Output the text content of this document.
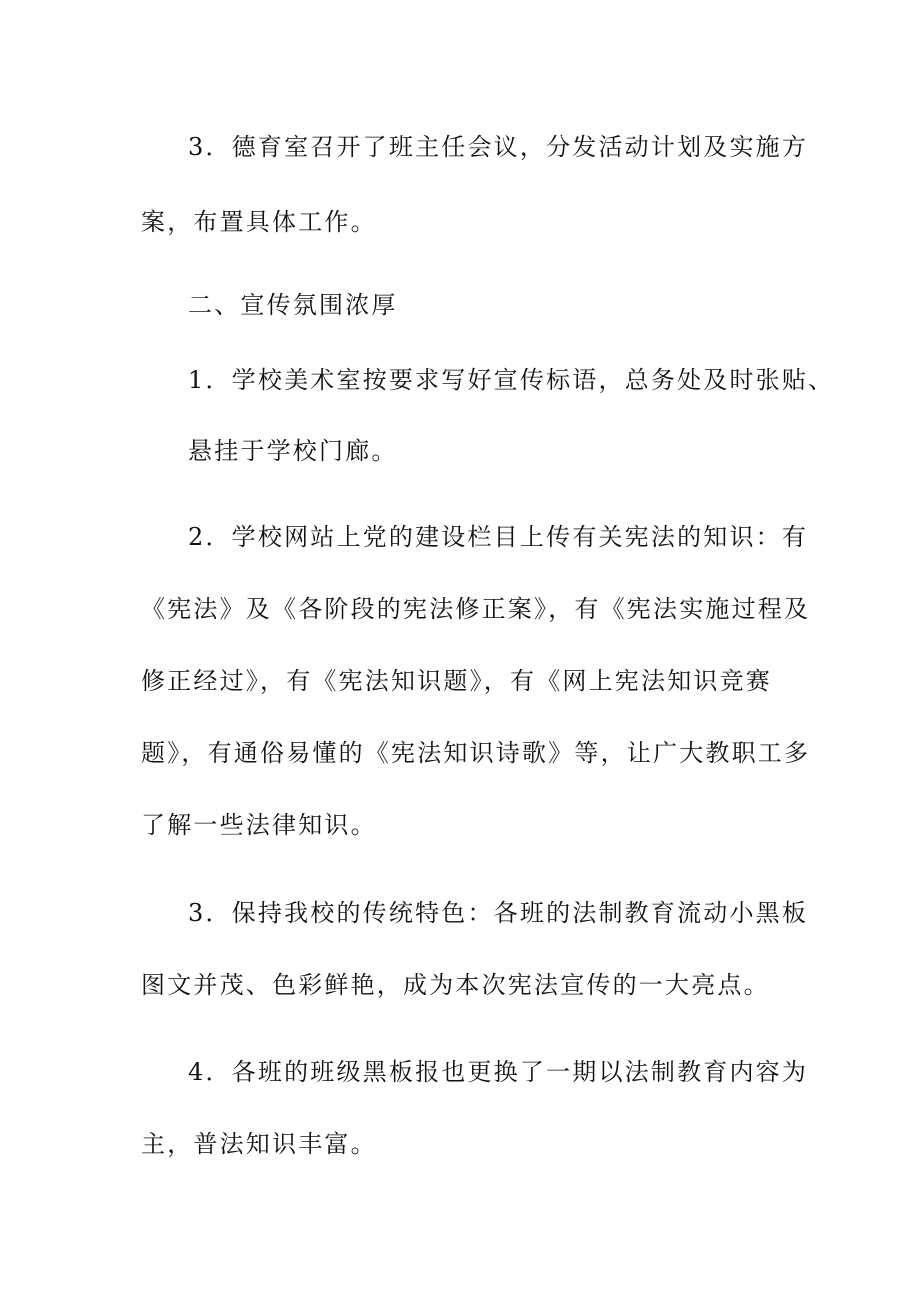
3．德育室召开了班主任会议，分发活动计划及实施方
案，布置具体工作。
二、宣传氛围浓厚
1．学校美术室按要求写好宣传标语，总务处及时张贴、
悬挂于学校门廊。
2．学校网站上党的建设栏目上传有关宪法的知识：有
《宪法》及《各阶段的宪法修正案》，有《宪法实施过程及
修正经过》，有《宪法知识题》，有《网上宪法知识竞赛
题》，有通俗易懂的《宪法知识诗歌》等，让广大教职工多
了解一些法律知识。
3．保持我校的传统特色：各班的法制教育流动小黑板
图文并茂、色彩鲜艳，成为本次宪法宣传的一大亮点。
4．各班的班级黑板报也更换了一期以法制教育内容为
主，普法知识丰富。
